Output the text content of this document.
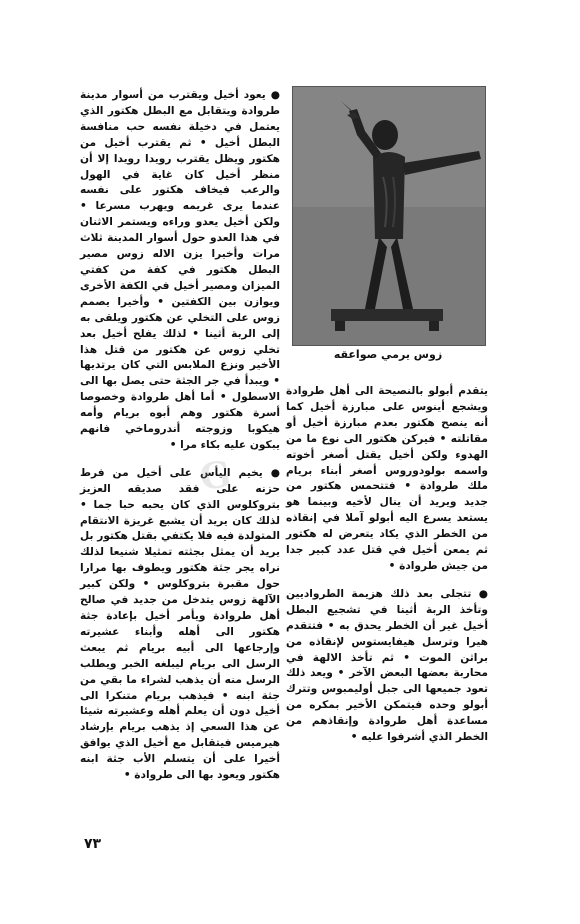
● يعود أخيل ويقترب من أسوار مدينة طروادة ويتقابل مع البطل هكتور الذي يعتمل في دخيلة نفسه حب منافسة البطل أخيل • ثم يقترب أخيل من هكتور ويظل يقترب رويدا رويدا إلا أن منظر أخيل كان غاية في الهول والرعب فيخاف هكتور على نفسه عندما يرى غريمه ويهرب مسرعا • ولكن أخيل يعدو وراءه ويستمر الاثنان في هذا العدو حول أسوار المدينة ثلاث مرات وأخيرا يزن الاله زوس مصير البطل هكتور في كفة من كفتي الميزان ومصير أخيل في الكفة الأخرى ويوازن بين الكفتين • وأخيرا يصمم زوس على التخلي عن هكتور ويلقى به إلى الربة أثينا • لذلك يفلح أخيل بعد تخلي زوس عن هكتور من قتل هذا الأخير ونزع الملابس التي كان يرتديها • ويبدأ في جر الجثة حتى يصل بها الى الاسطول • أما أهل طروادة وخصوصا أسرة هكتور وهم أبوه بريام وأمه هيكوبا وزوجته أندروماخي فانهم يبكون عليه بكاء مرا •

● يخيم اليأس على أخيل من فرط حزنه على فقد صديقه العزيز بتروكلوس الذي كان يحبه حبا جما • لذلك كان يريد أن يشبع غريزة الانتقام المتولدة فيه فلا يكتفي بقتل هكتور بل يريد أن يمثل بجثته تمثيلا شنيعا لذلك نراه يجر جثة هكتور ويطوف بها مرارا حول مقبرة بتروكلوس • ولكن كبير الآلهة زوس يتدخل من جديد في صالح أهل طروادة ويأمر أخيل بإعادة جثة هكتور الى أهله وأبناء عشيرته وإرجاعها الى أبيه بريام ثم يبعث الرسل الى بريام ليبلغه الخبر ويطلب الرسل منه أن يذهب لشراء ما بقي من جثة ابنه • فيذهب بريام متنكرا الى أخيل دون أن يعلم أهله وعشيرته شيئا عن هذا السعي إذ يذهب بريام بإرشاد هيرميس فيتقابل مع أخيل الذي يوافق أخيرا على أن يتسلم الأب جثة ابنه هكتور ويعود بها الى طروادة •

زوس يرمي صواعقه

يتقدم أبولو بالنصيحة الى أهل طروادة ويشجع أينوس على مبارزة أخيل كما أنه ينصح هكتور بعدم مبارزة أخيل أو مقاتلته • فيركن هكتور الى نوع ما من الهدوء ولكن أخيل يقتل أصغر أخوته واسمه بولودوروس أصغر أبناء بريام ملك طروادة • فتتحمس هكتور من جديد ويريد أن ينال لأخيه وبينما هو يستعد يسرع اليه أبولو آملا في إنقاذه من الخطر الذي يكاد يتعرض له هكتور ثم يمعن أخيل في قتل عدد كبير جدا من جيش طروادة •

● تتجلى بعد ذلك هزيمة الطرواديين وتأخذ الربة أثينا في تشجيع البطل أخيل غير أن الخطر يحدق به • فتتقدم هيرا وترسل هيفايستوس لإنقاذه من براثن الموت • ثم تأخذ الالهة في محاربة بعضها البعض الآخر • ويعد ذلك تعود جميعها الى جبل أوليمبوس وتترك أبولو وحده فيتمكن الأخير بمكره من مساعدة أهل طروادة وإنقاذهم من الخطر الذي أشرفوا عليه •

G
٧٣
